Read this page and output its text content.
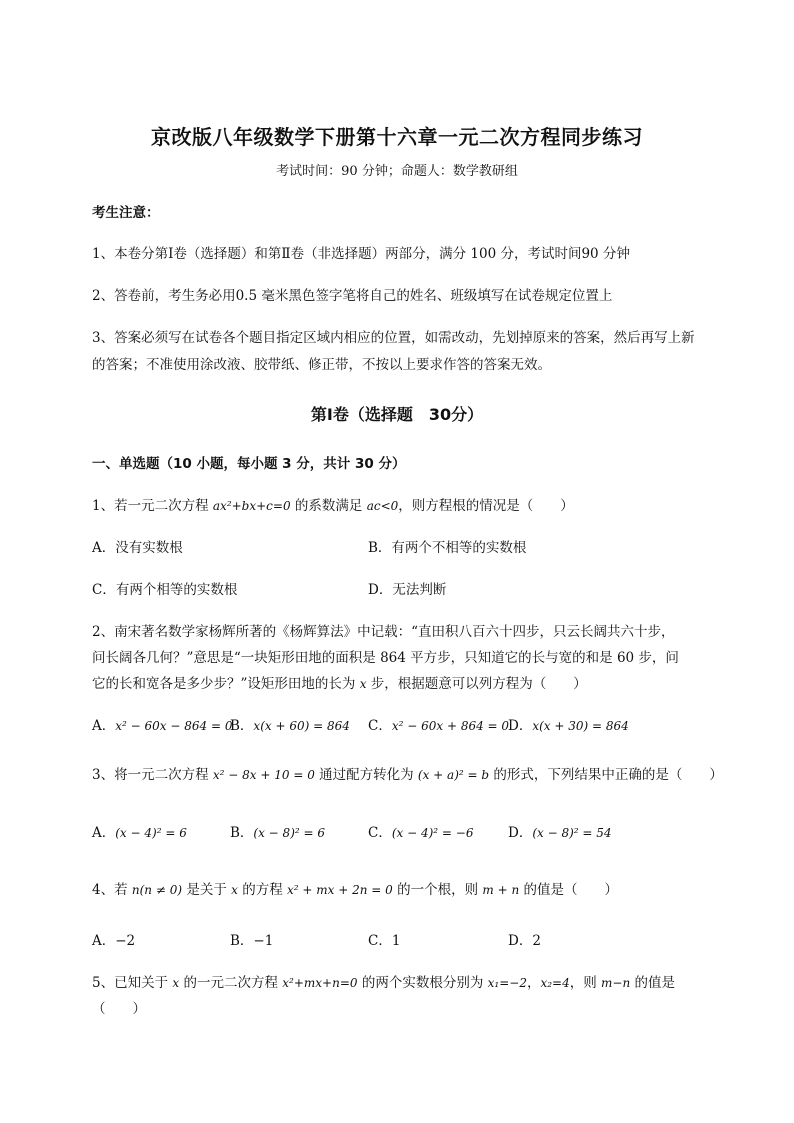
京改版八年级数学下册第十六章一元二次方程同步练习
考试时间：90 分钟；命题人：数学教研组
考生注意：
1、本卷分第Ⅰ卷（选择题）和第Ⅱ卷（非选择题）两部分，满分 100 分，考试时间90 分钟
2、答卷前，考生务必用0.5 毫米黑色签字笔将自己的姓名、班级填写在试卷规定位置上
3、答案必须写在试卷各个题目指定区域内相应的位置，如需改动，先划掉原来的答案，然后再写上新
的答案；不准使用涂改液、胶带纸、修正带，不按以上要求作答的答案无效。
第Ⅰ卷（选择题　30分）
一、单选题（10 小题，每小题 3 分，共计 30 分）
1、若一元二次方程 ax²+bx+c=0 的系数满足 ac<0，则方程根的情况是（　　）
A．没有实数根	B．有两个不相等的实数根
C．有两个相等的实数根	D．无法判断
2、南宋著名数学家杨辉所著的《杨辉算法》中记载：“直田积八百六十四步，只云长阔共六十步，
问长阔各几何？”意思是“一块矩形田地的面积是 864 平方步，只知道它的长与宽的和是 60 步，问
它的长和宽各是多少步？”设矩形田地的长为 x 步，根据题意可以列方程为（　　）
A．x² − 60x − 864 = 0
B．x(x + 60) = 864 C．x² − 60x + 864 = 0
D．x(x + 30) = 864
3、将一元二次方程 x² − 8x + 10 = 0 通过配方转化为 (x + a)² = b 的形式，下列结果中正确的是（　　）
A．(x − 4)² = 6	B．(x − 8)² = 6	C．(x − 4)² = −6	D．(x − 8)² = 54
4、若 n(n ≠ 0) 是关于 x 的方程 x² + mx + 2n = 0 的一个根，则 m + n 的值是（　　）
A．−2	B．−1	C．1	D．2
5、已知关于 x 的一元二次方程 x²+mx+n=0 的两个实数根分别为 x₁=−2，x₂=4，则 m−n 的值是
（　　）
